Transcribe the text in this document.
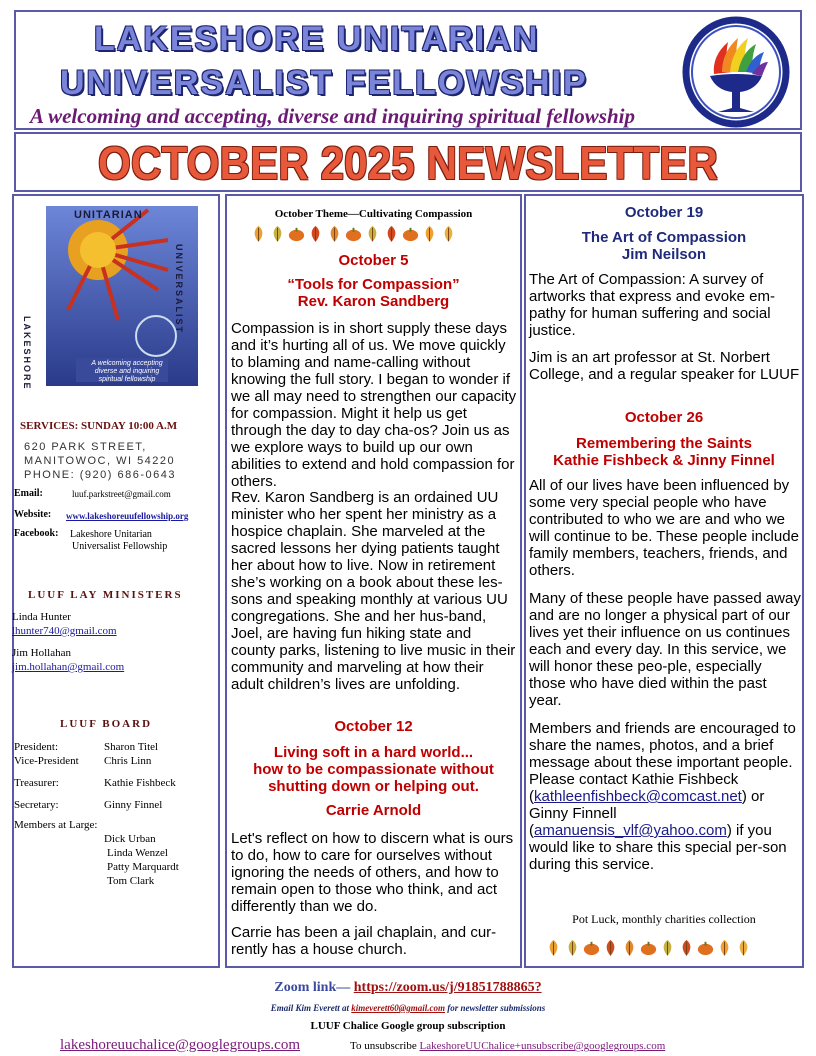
LAKESHORE UNITARIAN
UNIVERSALIST FELLOWSHIP
A welcoming and accepting, diverse and inquiring spiritual fellowship
OCTOBER 2025 NEWSLETTER
UNITARIAN
LAKESHORE
UNIVERSALIST
A welcoming accepting diverse and inquiring spiritual fellowship
SERVICES: SUNDAY 10:00 A.M
620 PARK STREET,
MANITOWOC, WI 54220
PHONE: (920) 686-0643
Email:	luuf.parkstreet@gmail.com
Website: www.lakeshoreuufellowship.org
Facebook: Lakeshore Unitarian
Universalist Fellowship
LUUF LAY MINISTERS
Linda Hunter
lhunter740@gmail.com
Jim Hollahan
jim.hollahan@gmail.com
LUUF BOARD
President:	Sharon Titel
Vice-President Chris Linn
Treasurer:	Kathie Fishbeck
Secretary:	Ginny Finnel
Members at Large:
Dick Urban
Linda Wenzel
Patty Marquardt
Tom Clark
October Theme—Cultivating Compassion
October 5
“Tools for Compassion”
Rev. Karon Sandberg

Compassion is in short supply these days and it’s hurting all of us. We move quickly to blaming and name-calling without knowing the full story. I began to wonder if we all may need to strengthen our capacity for compassion. Might it help us get through the day to day cha-os? Join us as we explore ways to build up our own abilities to extend and hold compassion for others.

Rev. Karon Sandberg is an ordained UU minister who her spent her ministry as a hospice chaplain. She marveled at the sacred lessons her dying patients taught her about how to live. Now in retirement she’s working on a book about these les-sons and speaking monthly at various UU congregations. She and her hus-band, Joel, are having fun hiking state and county parks, listening to live music in their community and marveling at how their adult children’s lives are unfolding.

October 12
Living soft in a hard world...
how to be compassionate without
shutting down or helping out.
Carrie Arnold

Let's reflect on how to discern what is ours to do, how to care for ourselves without ignoring the needs of others, and how to remain open to those who think, and act differently than we do.

Carrie has been a jail chaplain, and cur-rently has a house church.

October 19
The Art of Compassion
Jim Neilson

The Art of Compassion: A survey of artworks that express and evoke em-pathy for human suffering and social justice.

Jim is an art professor at St. Norbert College, and a regular speaker for LUUF

October 26
Remembering the Saints
Kathie Fishbeck & Jinny Finnel

All of our lives have been influenced by some very special people who have contributed to who we are and who we will continue to be. These people include family members, teachers, friends, and others.

Many of these people have passed away and are no longer a physical part of our lives yet their influence on us continues each and every day. In this service, we will honor these peo-ple, especially those who have died within the past year.

Members and friends are encouraged to share the names, photos, and a brief message about these important people. Please contact Kathie Fishbeck (kathleenfishbeck@comcast.net) or Ginny Finnell (amanuensis_vlf@yahoo.com) if you would like to share this special per-son during this service.

Pot Luck, monthly charities collection
Zoom link— https://zoom.us/j/91851788865?
Email Kim Everett at kimeverett60@gmail.com for newsletter submissions
LUUF Chalice Google group subscription
lakeshoreuuchalice@googlegroups.com	To unsubscribe LakeshoreUUChalice+unsubscribe@googlegroups.com
